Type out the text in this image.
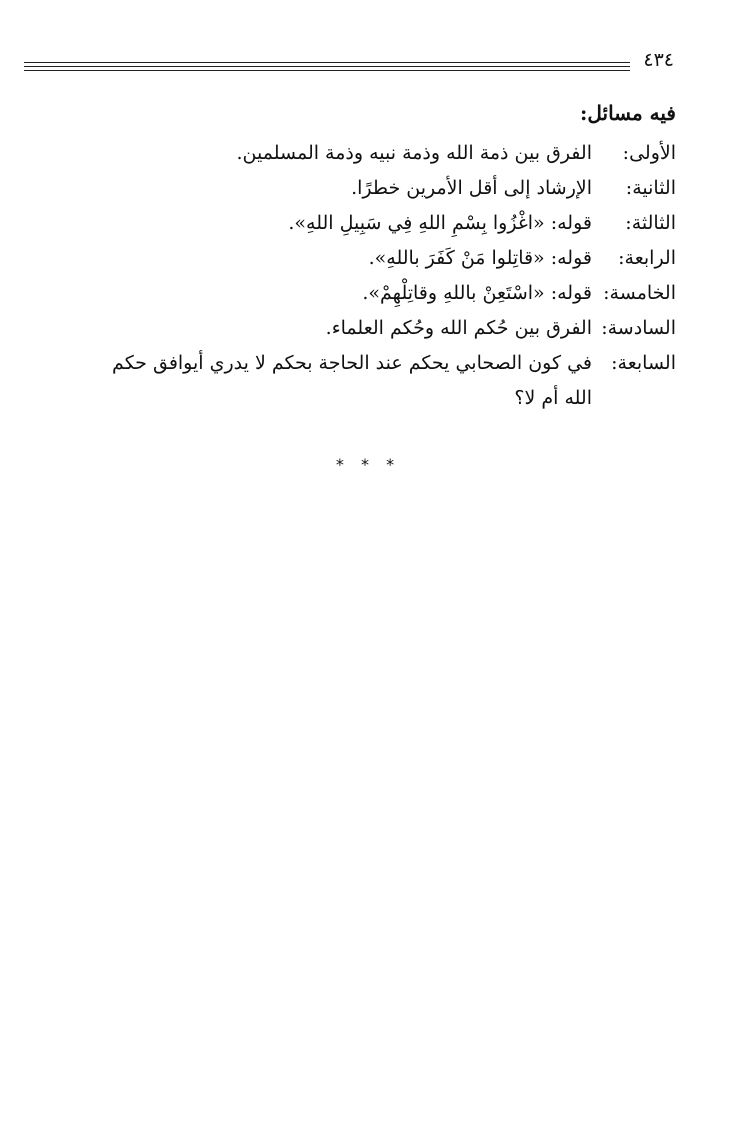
٤٣٤
فيه مسائل:
الأولى:
الفرق بين ذمة الله وذمة نبيه وذمة المسلمين.
الثانية:
الإرشاد إلى أقل الأمرين خطرًا.
الثالثة:
قوله: «اغْزُوا بِسْمِ اللهِ فِي سَبِيلِ اللهِ».
الرابعة:
قوله: «قاتِلوا مَنْ كَفَرَ باللهِ».
الخامسة:
قوله: «اسْتَعِنْ باللهِ وقاتِلْهِمْ».
السادسة:
الفرق بين حُكم الله وحُكم العلماء.
السابعة:
في كون الصحابي يحكم عند الحاجة بحكم لا يدري أيوافق حكم
الله أم لا؟
* * *
